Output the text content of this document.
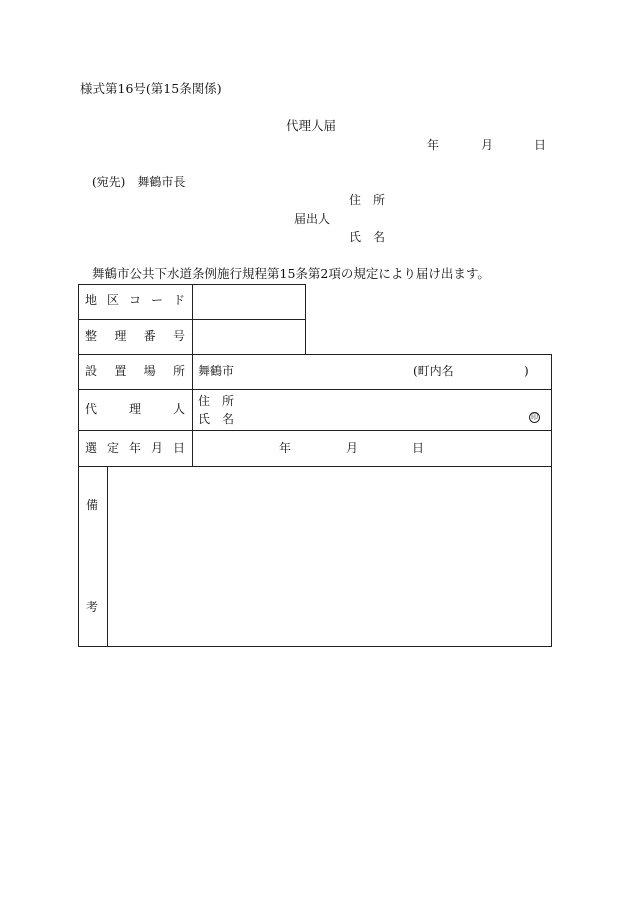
様式第16号(第15条関係)
代理人届
年	月	日
(宛先)　舞鶴市長
住　所
届出人
氏　名
舞鶴市公共下水道条例施行規程第15条第2項の規定により届け出ます。
地 区 コ ー ド
整 理 番 号
設 置 場 所 舞鶴市	(町内名	)
代	理	人
住　所
氏　名	印
選 定 年 月 日	年	月	日
備
考
